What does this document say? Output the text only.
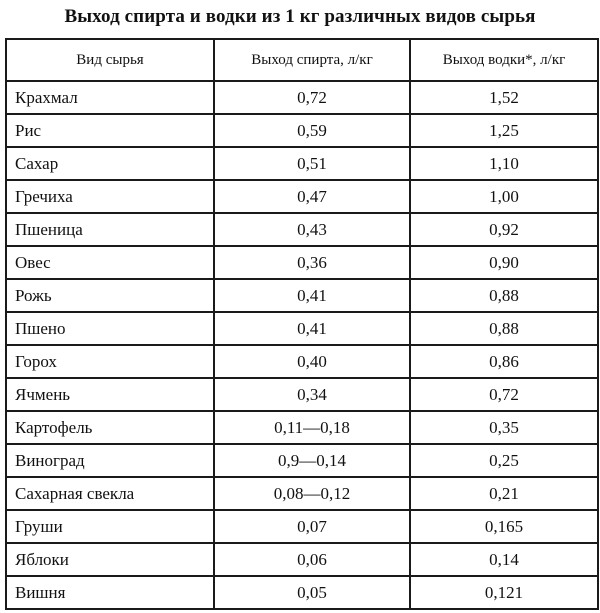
Выход спирта и водки из 1 кг различных видов сырья
Вид сырья	Выход спирта, л/кг	Выход водки*, л/кг
Крахмал	0,72	1,52
Рис	0,59	1,25
Сахар	0,51	1,10
Гречиха	0,47	1,00
Пшеница	0,43	0,92
Овес	0,36	0,90
Рожь	0,41	0,88
Пшено	0,41	0,88
Горох	0,40	0,86
Ячмень	0,34	0,72
Картофель	0,11—0,18	0,35
Виноград	0,9—0,14	0,25
Сахарная свекла	0,08—0,12	0,21
Груши	0,07	0,165
Яблоки	0,06	0,14
Вишня	0,05	0,121
